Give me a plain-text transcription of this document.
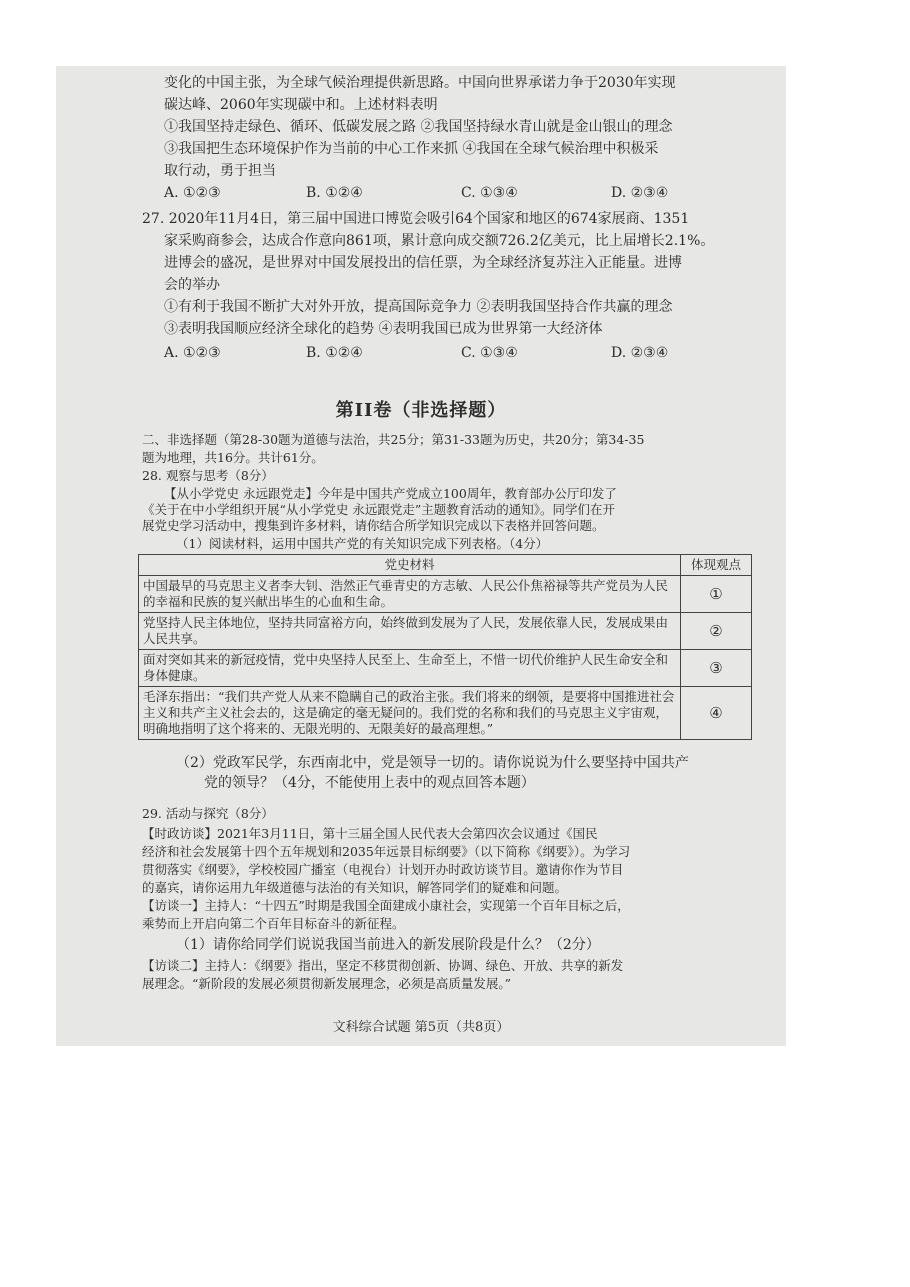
变化的中国主张，为全球气候治理提供新思路。中国向世界承诺力争于2030年实现
碳达峰、2060年实现碳中和。上述材料表明
①我国坚持走绿色、循环、低碳发展之路 ②我国坚持绿水青山就是金山银山的理念
③我国把生态环境保护作为当前的中心工作来抓 ④我国在全球气候治理中积极采
取行动，勇于担当
A. ①②③	B. ①②④	C. ①③④	D. ②③④
27. 2020年11月4日，第三届中国进口博览会吸引64个国家和地区的674家展商、1351
家采购商参会，达成合作意向861项，累计意向成交额726.2亿美元，比上届增长2.1%。
进博会的盛况，是世界对中国发展投出的信任票，为全球经济复苏注入正能量。进博
会的举办
①有利于我国不断扩大对外开放，提高国际竞争力 ②表明我国坚持合作共赢的理念
③表明我国顺应经济全球化的趋势 ④表明我国已成为世界第一大经济体
A. ①②③	B. ①②④	C. ①③④	D. ②③④
第II卷（非选择题）
二、非选择题（第28-30题为道德与法治，共25分；第31-33题为历史，共20分；第34-35
题为地理，共16分。共计61分。
28. 观察与思考（8分）
【从小学党史 永远跟党走】今年是中国共产党成立100周年，教育部办公厅印发了
《关于在中小学组织开展“从小学党史 永远跟党走”主题教育活动的通知》。同学们在开
展党史学习活动中，搜集到许多材料，请你结合所学知识完成以下表格并回答问题。
党史材料	体现观点
中国最早的马克思主义者李大钊、浩然正气垂青史的方志敏、人民公仆焦裕禄等共产党员为人民的幸福和民族的复兴献出毕生的心血和生命。	①
党坚持人民主体地位，坚持共同富裕方向，始终做到发展为了人民，发展依靠人民，发展成果由人民共享。	②
面对突如其来的新冠疫情，党中央坚持人民至上、生命至上，不惜一切代价维护人民生命安全和身体健康。	③
毛泽东指出：“我们共产党人从来不隐瞒自己的政治主张。我们将来的纲领，是要将中国推进社会主义和共产主义社会去的，这是确定的毫无疑问的。我们党的名称和我们的马克思主义宇宙观，明确地指明了这个将来的、无限光明的、无限美好的最高理想。”	④
（1）阅读材料，运用中国共产党的有关知识完成下列表格。（4分）
（2）党政军民学，东西南北中，党是领导一切的。请你说说为什么要坚持中国共产
党的领导？（4分，不能使用上表中的观点回答本题）
29. 活动与探究（8分）
【时政访谈】2021年3月11日，第十三届全国人民代表大会第四次会议通过《国民
经济和社会发展第十四个五年规划和2035年远景目标纲要》（以下简称《纲要》）。为学习
贯彻落实《纲要》，学校校园广播室（电视台）计划开办时政访谈节目。邀请你作为节目
的嘉宾，请你运用九年级道德与法治的有关知识，解答同学们的疑难和问题。
【访谈一】主持人：“十四五”时期是我国全面建成小康社会，实现第一个百年目标之后，
乘势而上开启向第二个百年目标奋斗的新征程。
（1）请你给同学们说说我国当前进入的新发展阶段是什么？（2分）
【访谈二】主持人：《纲要》指出，坚定不移贯彻创新、协调、绿色、开放、共享的新发
展理念。“新阶段的发展必须贯彻新发展理念，必须是高质量发展。”
文科综合试题 第5页（共8页）
